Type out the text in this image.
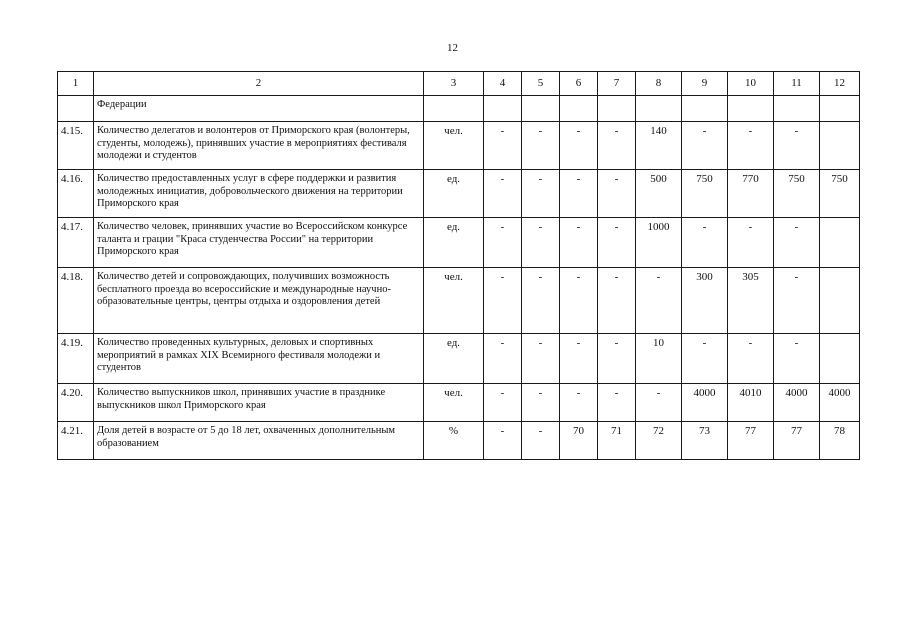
12
1	2	3	4	5	6	7	8	9	10	11	12
	Федерации										
4.15.	Количество делегатов и волонтеров от Приморского края (волонтеры, студенты, молодежь), принявших участие в мероприятиях фестиваля молодежи и студентов	чел.	-	-	-	-	140	-	-	-	
4.16.	Количество предоставленных услуг в сфере поддержки и развития молодежных инициатив, добровольческого движения на территории Приморского края	ед.	-	-	-	-	500	750	770	750	750
4.17.	Количество человек, принявших участие во Всероссийском конкурсе таланта и грации "Краса студенчества России" на территории Приморского края	ед.	-	-	-	-	1000	-	-	-	
4.18.	Количество детей и сопровождающих, получивших возможность бесплатного проезда во всероссийские и международные научно-образовательные центры, центры отдыха и оздоровления детей	чел.	-	-	-	-	-	300	305	-	
4.19.	Количество проведенных культурных, деловых и спортивных мероприятий в рамках XIX Всемирного фестиваля молодежи и студентов	ед.	-	-	-	-	10	-	-	-	
4.20.	Количество выпускников школ, принявших участие в празднике выпускников школ Приморского края	чел.	-	-	-	-	-	4000	4010	4000	4000
4.21.	Доля детей в возрасте от 5 до 18 лет, охваченных дополнительным образованием	%	-	-	70	71	72	73	77	77	78
